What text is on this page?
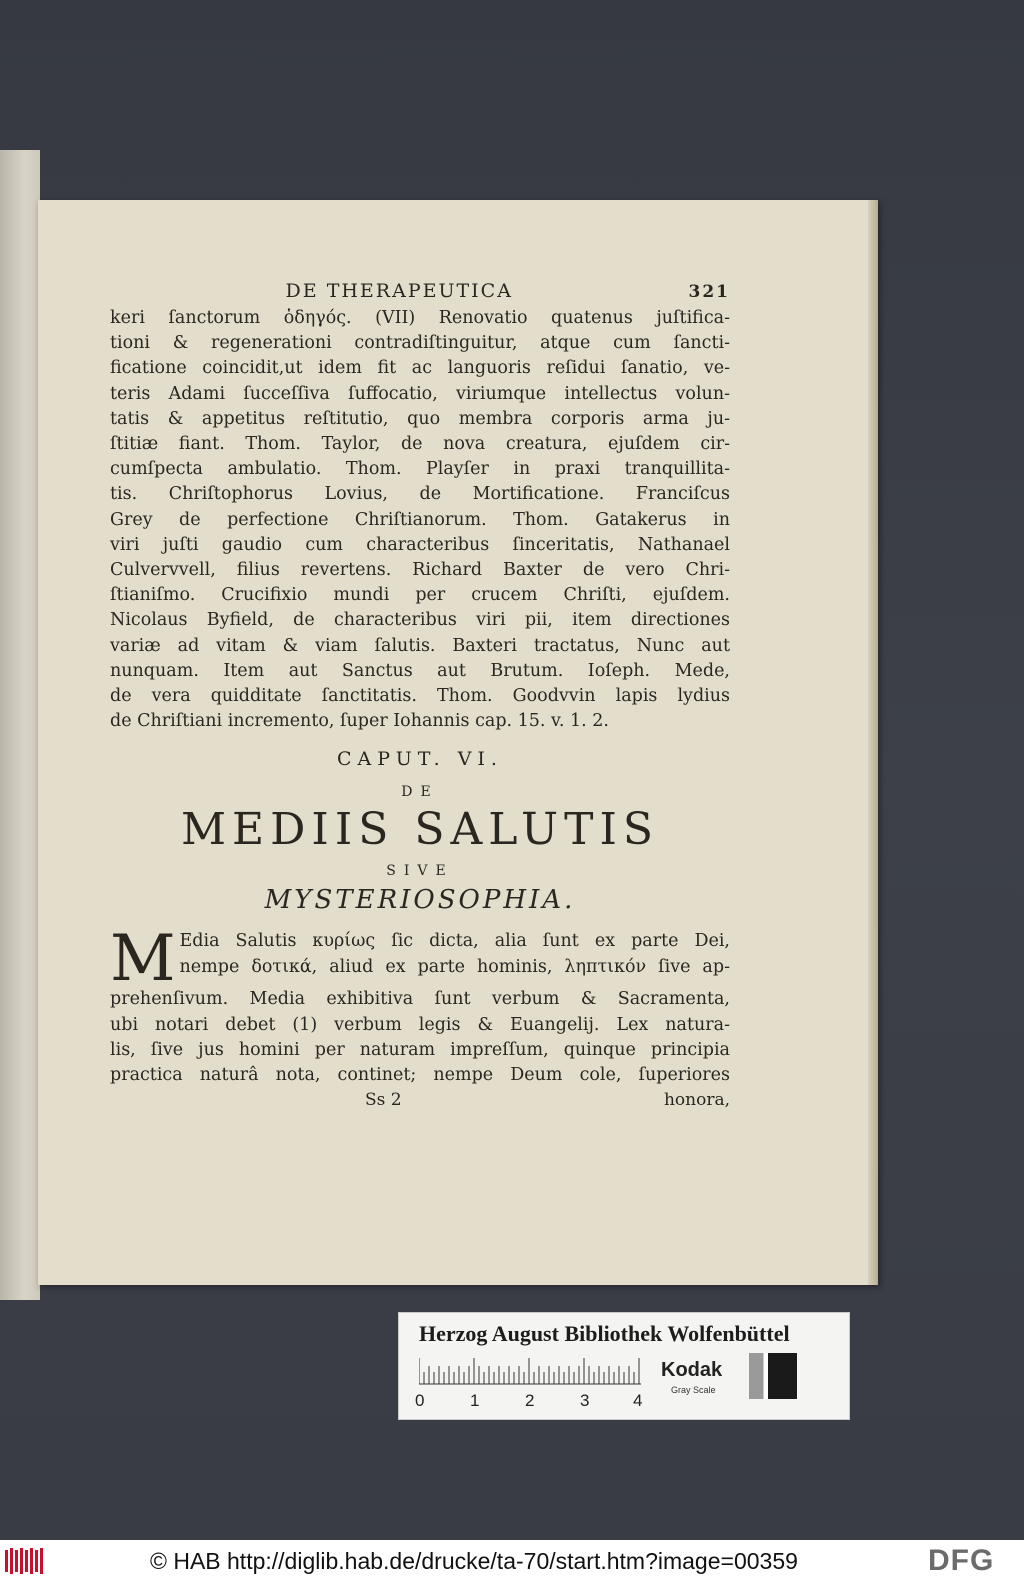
DE THERAPEUTICA	321
keri ſanctorum ὁδηγός. (VII) Renovatio quatenus juſtifica-
tioni & regenerationi contradiſtinguitur, atque cum ſancti-
ficatione coincidit,ut idem fit ac languoris reſidui ſanatio, ve-
teris Adami ſucceſſiva ſuffocatio, viriumque intellectus volun-
tatis & appetitus reſtitutio, quo membra corporis arma ju-
ſtitiæ fiant. Thom. Taylor, de nova creatura, ejuſdem cir-
cumſpecta ambulatio. Thom. Playſer in praxi tranquillita-
tis. Chriſtophorus Lovius, de Mortificatione. Franciſcus
Grey de perfectione Chriſtianorum. Thom. Gatakerus in
viri juſti gaudio cum characteribus ſinceritatis, Nathanael
Culvervvell, filius revertens. Richard Baxter de vero Chri-
ſtianiſmo. Crucifixio mundi per crucem Chriſti, ejuſdem.
Nicolaus Byfield, de characteribus viri pii, item directiones
variæ ad vitam & viam ſalutis. Baxteri tractatus, Nunc aut
nunquam. Item aut Sanctus aut Brutum. Ioſeph. Mede,
de vera quidditate ſanctitatis. Thom. Goodvvin lapis lydius
de Chriſtiani incremento, ſuper Iohannis cap. 15. v. 1. 2.
CAPUT. VI.
DE
MEDIIS SALUTIS
SIVE
MYSTERIOSOPHIA.
M Edia Salutis κυρίως ſic dicta, alia ſunt ex parte Dei,
nempe δοτικά, aliud ex parte hominis, ληπτικόν ſive ap-
prehenſivum. Media exhibitiva ſunt verbum & Sacramenta,
ubi notari debet (1) verbum legis & Euangelij. Lex natura-
lis, ſive jus homini per naturam impreſſum, quinque principia
practica naturâ nota, continet; nempe Deum cole, ſuperiores
Ss 2	honora,
Herzog August Bibliothek Wolfenbüttel
0	1	2	3	4
Kodak
Gray Scale
© HAB http://diglib.hab.de/drucke/ta-70/start.htm?image=00359	DFG
